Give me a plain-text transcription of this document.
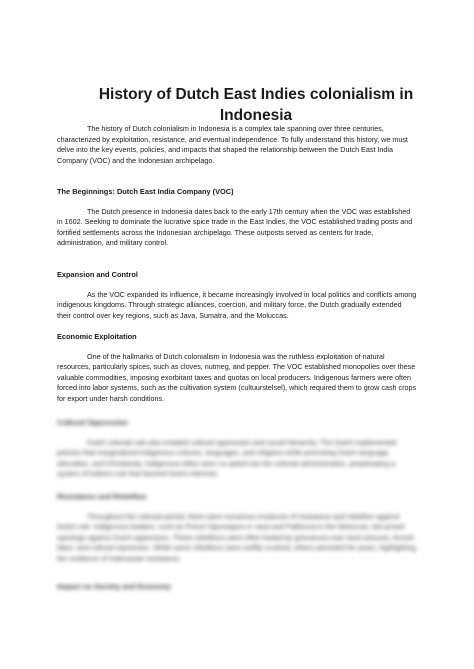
History of Dutch East Indies colonialism in Indonesia

The history of Dutch colonialism in Indonesia is a complex tale spanning over three centuries, characterized by exploitation, resistance, and eventual independence. To fully understand this history, we must delve into the key events, policies, and impacts that shaped the relationship between the Dutch East India Company (VOC) and the Indonesian archipelago.

The Beginnings: Dutch East India Company (VOC)

The Dutch presence in Indonesia dates back to the early 17th century when the VOC was established in 1602. Seeking to dominate the lucrative spice trade in the East Indies, the VOC established trading posts and fortified settlements across the Indonesian archipelago. These outposts served as centers for trade, administration, and military control.

Expansion and Control

As the VOC expanded its influence, it became increasingly involved in local politics and conflicts among indigenous kingdoms. Through strategic alliances, coercion, and military force, the Dutch gradually extended their control over key regions, such as Java, Sumatra, and the Moluccas.

Economic Exploitation

One of the hallmarks of Dutch colonialism in Indonesia was the ruthless exploitation of natural resources, particularly spices, such as cloves, nutmeg, and pepper. The VOC established monopolies over these valuable commodities, imposing exorbitant taxes and quotas on local producers. Indigenous farmers were often forced into labor systems, such as the cultivation system (cultuurstelsel), which required them to grow cash crops for export under harsh conditions.

Cultural Oppression

Dutch colonial rule also entailed cultural oppression and social hierarchy. The Dutch implemented policies that marginalized indigenous cultures, languages, and religions while promoting Dutch language, education, and Christianity. Indigenous elites were co-opted into the colonial administration, perpetuating a system of indirect rule that favored Dutch interests.

Resistance and Rebellion

Throughout the colonial period, there were numerous instances of resistance and rebellion against Dutch rule. Indigenous leaders, such as Prince Diponegoro in Java and Pattimura in the Moluccas, led armed uprisings against Dutch oppression. These rebellions were often fueled by grievances over land seizures, forced labor, and cultural repression. While some rebellions were swiftly crushed, others persisted for years, highlighting the resilience of Indonesian resistance.

Impact on Society and Economy
